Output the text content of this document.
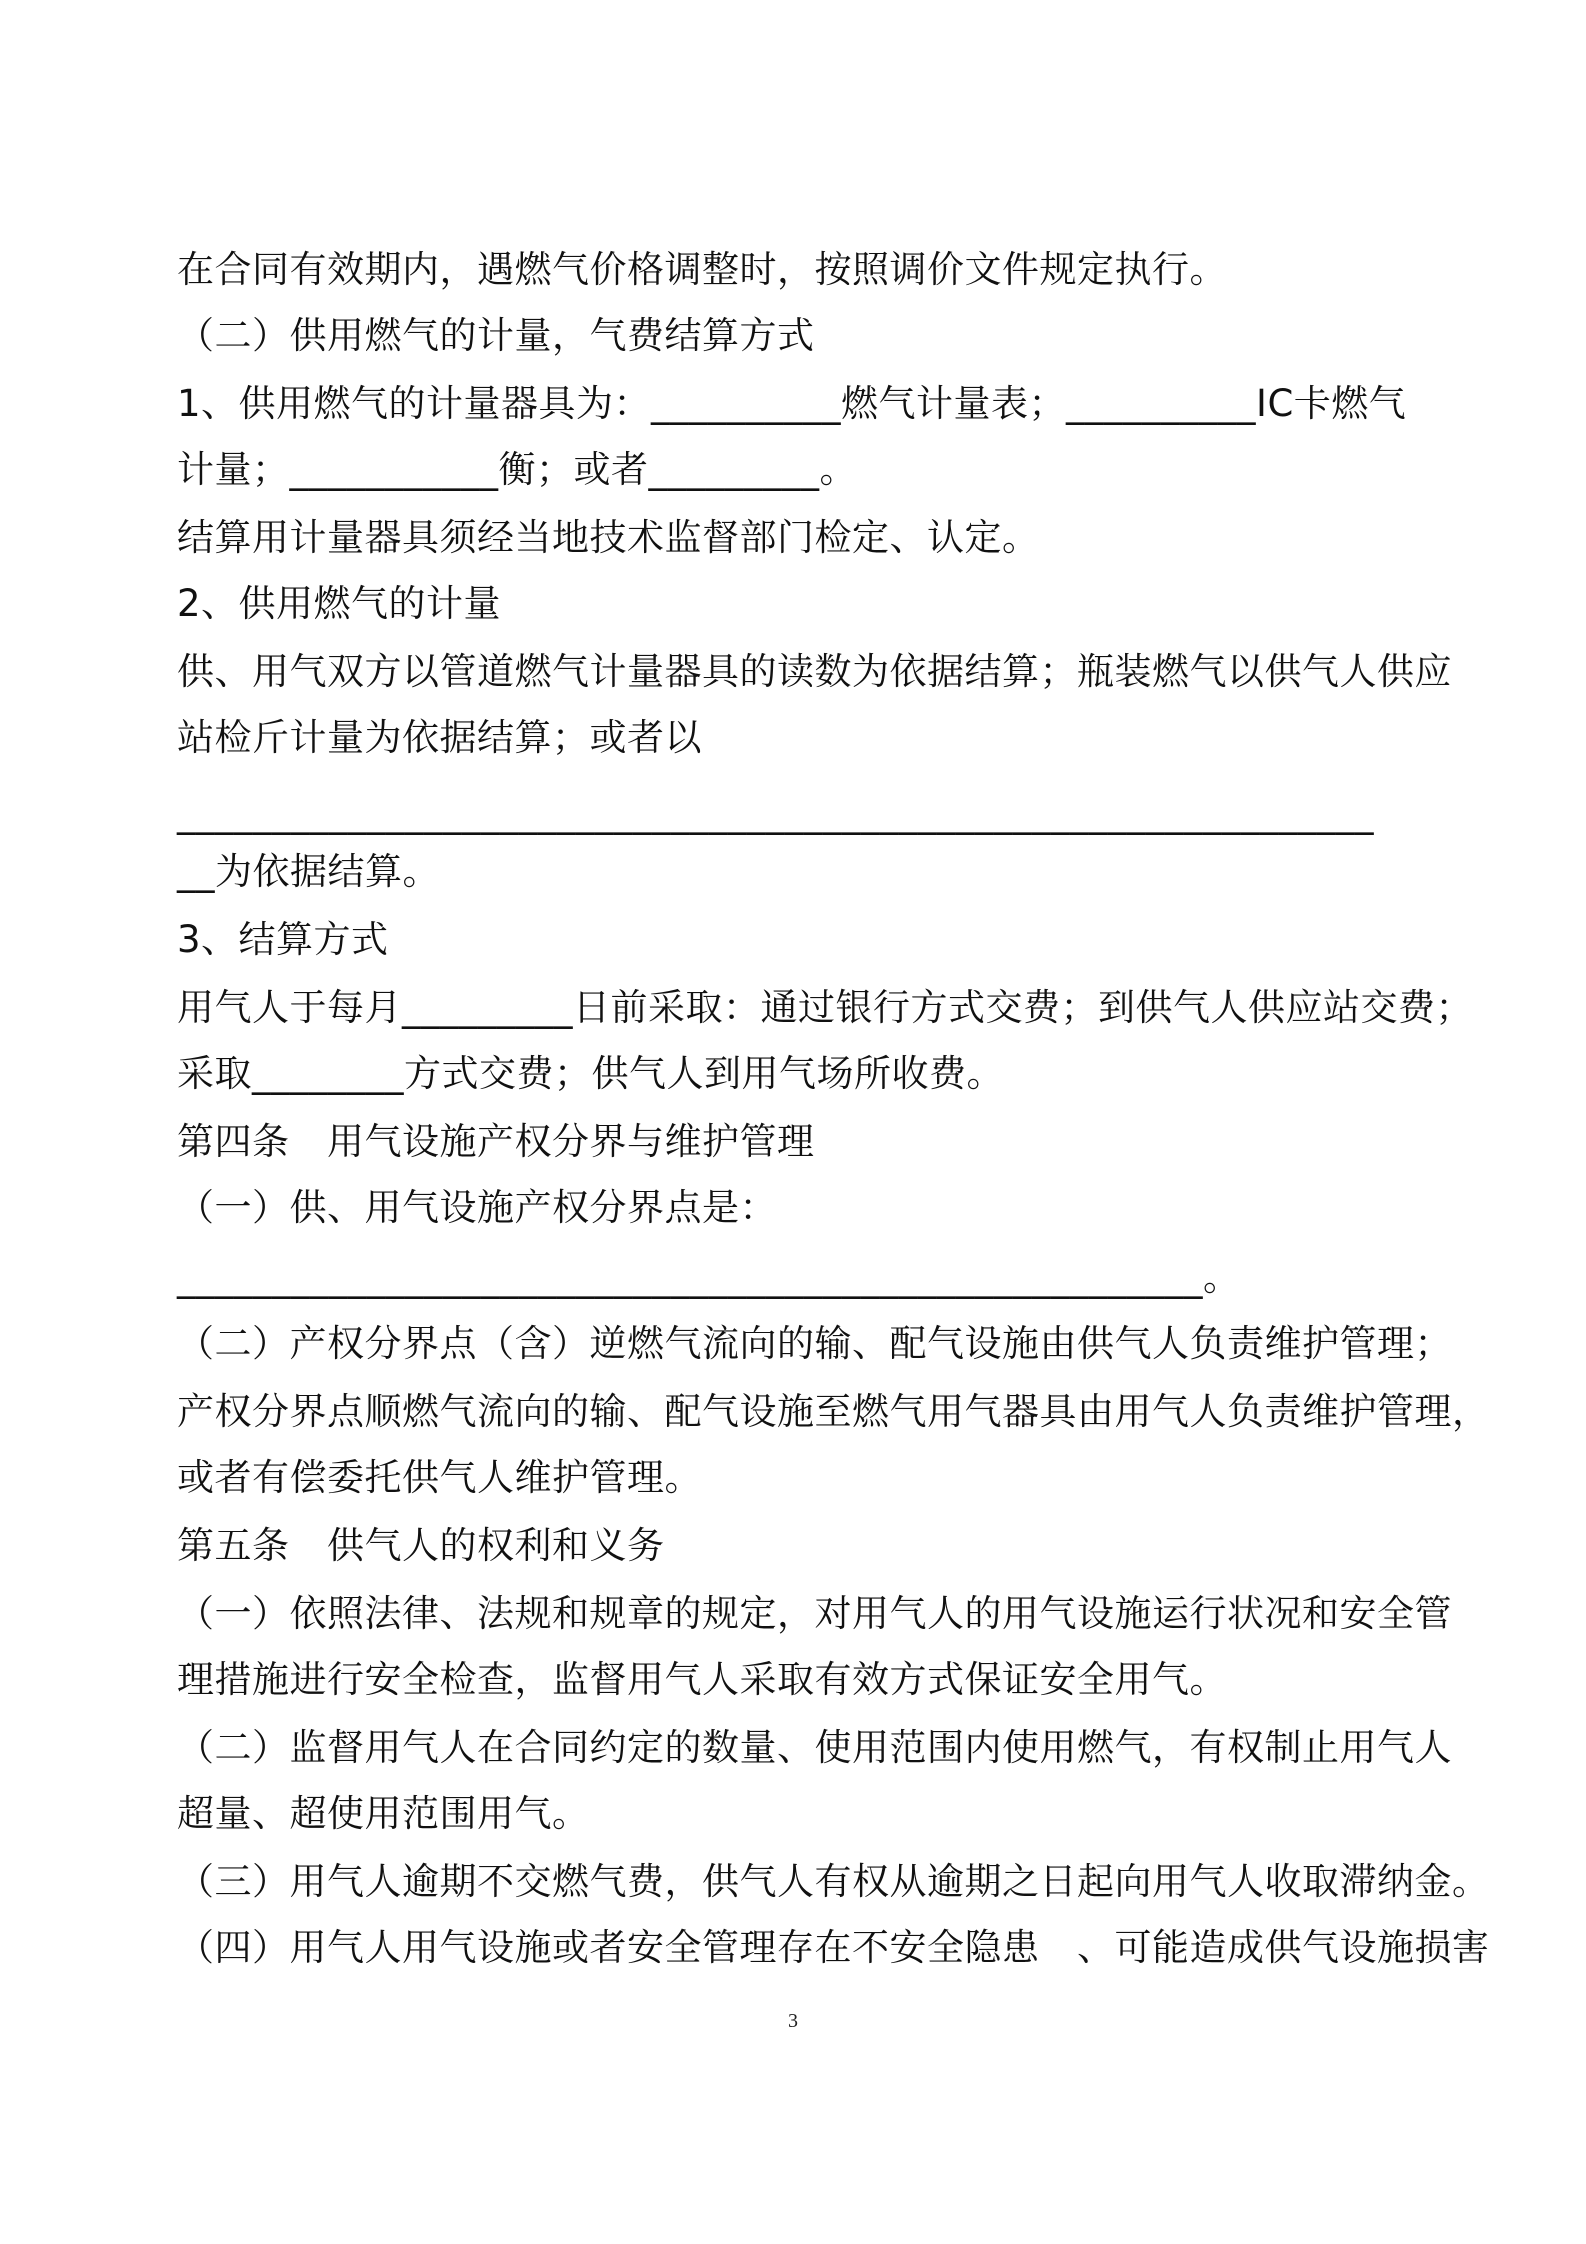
在合同有效期内，遇燃气价格调整时，按照调价文件规定执行。
（二）供用燃气的计量，气费结算方式
1、供用燃气的计量器具为：__________燃气计量表；__________IC卡燃气
计量；___________衡；或者_________。
结算用计量器具须经当地技术监督部门检定、认定。
2、供用燃气的计量
供、用气双方以管道燃气计量器具的读数为依据结算；瓶装燃气以供气人供应
站检斤计量为依据结算；或者以
_______________________________________________________________
__为依据结算。
3、结算方式
用气人于每月_________日前采取：通过银行方式交费；到供气人供应站交费；
采取________方式交费；供气人到用气场所收费。
第四条　用气设施产权分界与维护管理
（一）供、用气设施产权分界点是：
______________________________________________________。
（二）产权分界点（含）逆燃气流向的输、配气设施由供气人负责维护管理；
产权分界点顺燃气流向的输、配气设施至燃气用气器具由用气人负责维护管理，
或者有偿委托供气人维护管理。
第五条　供气人的权利和义务
（一）依照法律、法规和规章的规定，对用气人的用气设施运行状况和安全管
理措施进行安全检查，监督用气人采取有效方式保证安全用气。
（二）监督用气人在合同约定的数量、使用范围内使用燃气，有权制止用气人
超量、超使用范围用气。
（三）用气人逾期不交燃气费，供气人有权从逾期之日起向用气人收取滞纳金。
（四）用气人用气设施或者安全管理存在不安全隐患　、可能造成供气设施损害
3
